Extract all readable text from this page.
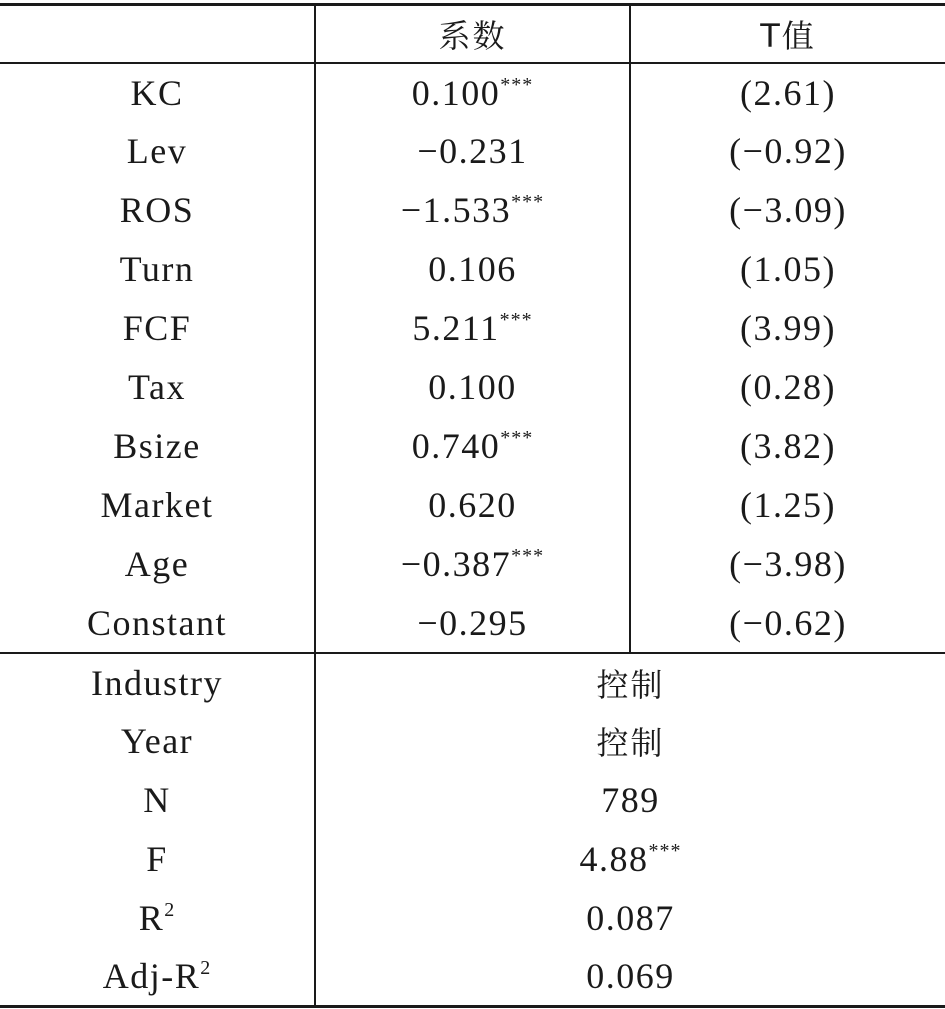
	系数	T值
KC	0.100***	(2.61)
Lev	−0.231	(−0.92)
ROS	−1.533***	(−3.09)
Turn	0.106	(1.05)
FCF	5.211***	(3.99)
Tax	0.100	(0.28)
Bsize	0.740***	(3.82)
Market	0.620	(1.25)
Age	−0.387***	(−3.98)
Constant	−0.295	(−0.62)
Industry	控制	
Year	控制	
N	789	
F	4.88***
$R^2$	0.087	
Adj-$R^2$	0.069	
